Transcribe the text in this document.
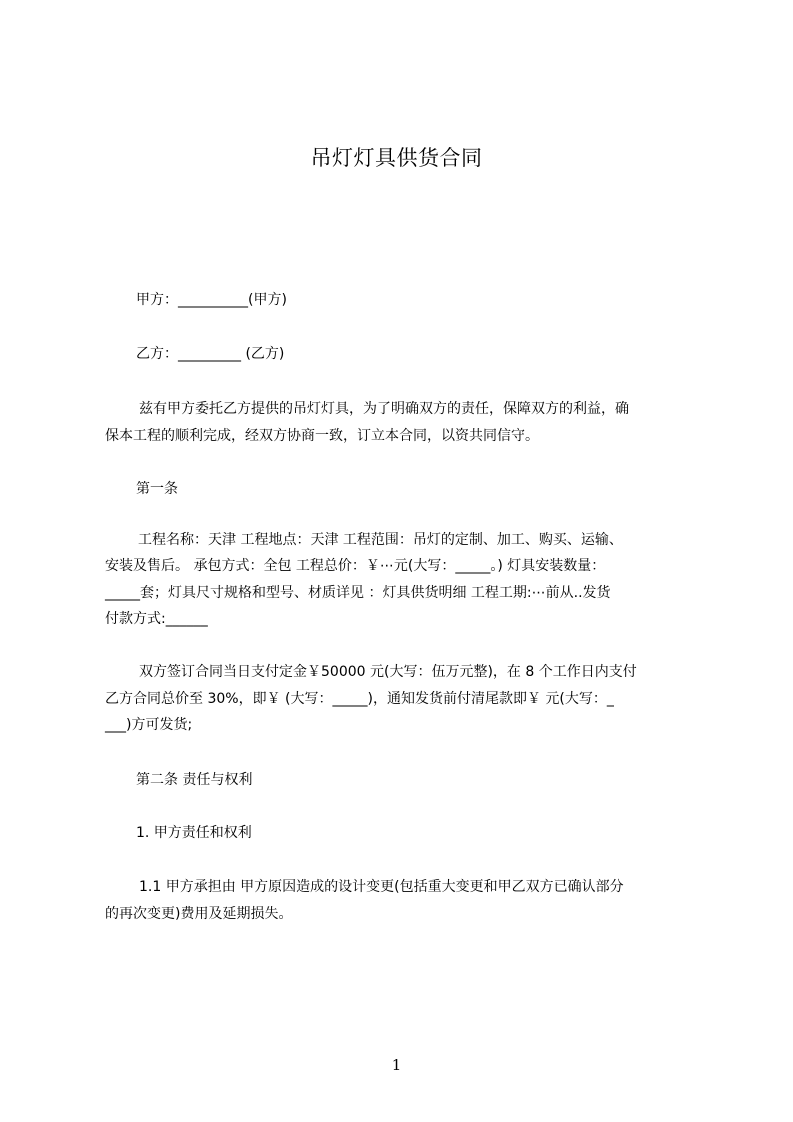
吊灯灯具供货合同
甲方：__________(甲方)
乙方：_________ (乙方)
兹有甲方委托乙方提供的吊灯灯具，为了明确双方的责任，保障双方的利益，确
保本工程的顺利完成，经双方协商一致，订立本合同，以资共同信守。
第一条
工程名称：天津 工程地点：天津 工程范围：吊灯的定制、加工、购买、运输、
安装及售后。 承包方式：全包 工程总价：￥⋯元(大写：_____。) 灯具安装数量：
_____套；灯具尺寸规格和型号、材质详见 ：灯具供货明细 工程工期:⋯前从..发货
付款方式:______
双方签订合同当日支付定金￥50000 元(大写：伍万元整)，在 8 个工作日内支付
乙方合同总价至 30%，即￥ (大写：_____)，通知发货前付清尾款即￥ 元(大写：_
___)方可发货;
第二条 责任与权利
1. 甲方责任和权利
1.1 甲方承担由 甲方原因造成的设计变更(包括重大变更和甲乙双方已确认部分
的再次变更)费用及延期损失。
1
